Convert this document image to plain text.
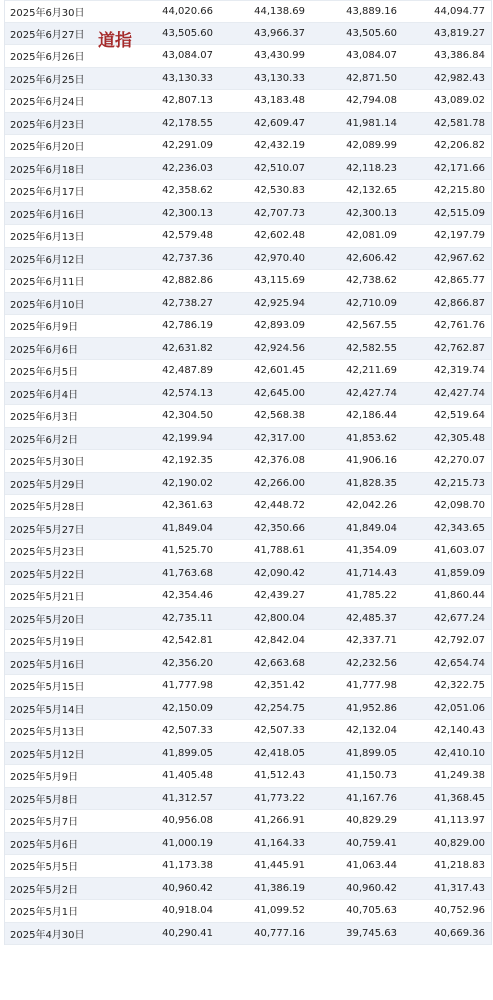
2025年6月30日	44,020.66	44,138.69	43,889.16	44,094.77
2025年6月27日	43,505.60	43,966.37	43,505.60	43,819.27
2025年6月26日	43,084.07	43,430.99	43,084.07	43,386.84
2025年6月25日	43,130.33	43,130.33	42,871.50	42,982.43
2025年6月24日	42,807.13	43,183.48	42,794.08	43,089.02
2025年6月23日	42,178.55	42,609.47	41,981.14	42,581.78
2025年6月20日	42,291.09	42,432.19	42,089.99	42,206.82
2025年6月18日	42,236.03	42,510.07	42,118.23	42,171.66
2025年6月17日	42,358.62	42,530.83	42,132.65	42,215.80
2025年6月16日	42,300.13	42,707.73	42,300.13	42,515.09
2025年6月13日	42,579.48	42,602.48	42,081.09	42,197.79
2025年6月12日	42,737.36	42,970.40	42,606.42	42,967.62
2025年6月11日	42,882.86	43,115.69	42,738.62	42,865.77
2025年6月10日	42,738.27	42,925.94	42,710.09	42,866.87
2025年6月9日	42,786.19	42,893.09	42,567.55	42,761.76
2025年6月6日	42,631.82	42,924.56	42,582.55	42,762.87
2025年6月5日	42,487.89	42,601.45	42,211.69	42,319.74
2025年6月4日	42,574.13	42,645.00	42,427.74	42,427.74
2025年6月3日	42,304.50	42,568.38	42,186.44	42,519.64
2025年6月2日	42,199.94	42,317.00	41,853.62	42,305.48
2025年5月30日	42,192.35	42,376.08	41,906.16	42,270.07
2025年5月29日	42,190.02	42,266.00	41,828.35	42,215.73
2025年5月28日	42,361.63	42,448.72	42,042.26	42,098.70
2025年5月27日	41,849.04	42,350.66	41,849.04	42,343.65
2025年5月23日	41,525.70	41,788.61	41,354.09	41,603.07
2025年5月22日	41,763.68	42,090.42	41,714.43	41,859.09
2025年5月21日	42,354.46	42,439.27	41,785.22	41,860.44
2025年5月20日	42,735.11	42,800.04	42,485.37	42,677.24
2025年5月19日	42,542.81	42,842.04	42,337.71	42,792.07
2025年5月16日	42,356.20	42,663.68	42,232.56	42,654.74
2025年5月15日	41,777.98	42,351.42	41,777.98	42,322.75
2025年5月14日	42,150.09	42,254.75	41,952.86	42,051.06
2025年5月13日	42,507.33	42,507.33	42,132.04	42,140.43
2025年5月12日	41,899.05	42,418.05	41,899.05	42,410.10
2025年5月9日	41,405.48	41,512.43	41,150.73	41,249.38
2025年5月8日	41,312.57	41,773.22	41,167.76	41,368.45
2025年5月7日	40,956.08	41,266.91	40,829.29	41,113.97
2025年5月6日	41,000.19	41,164.33	40,759.41	40,829.00
2025年5月5日	41,173.38	41,445.91	41,063.44	41,218.83
2025年5月2日	40,960.42	41,386.19	40,960.42	41,317.43
2025年5月1日	40,918.04	41,099.52	40,705.63	40,752.96
2025年4月30日	40,290.41	40,777.16	39,745.63	40,669.36
道指
